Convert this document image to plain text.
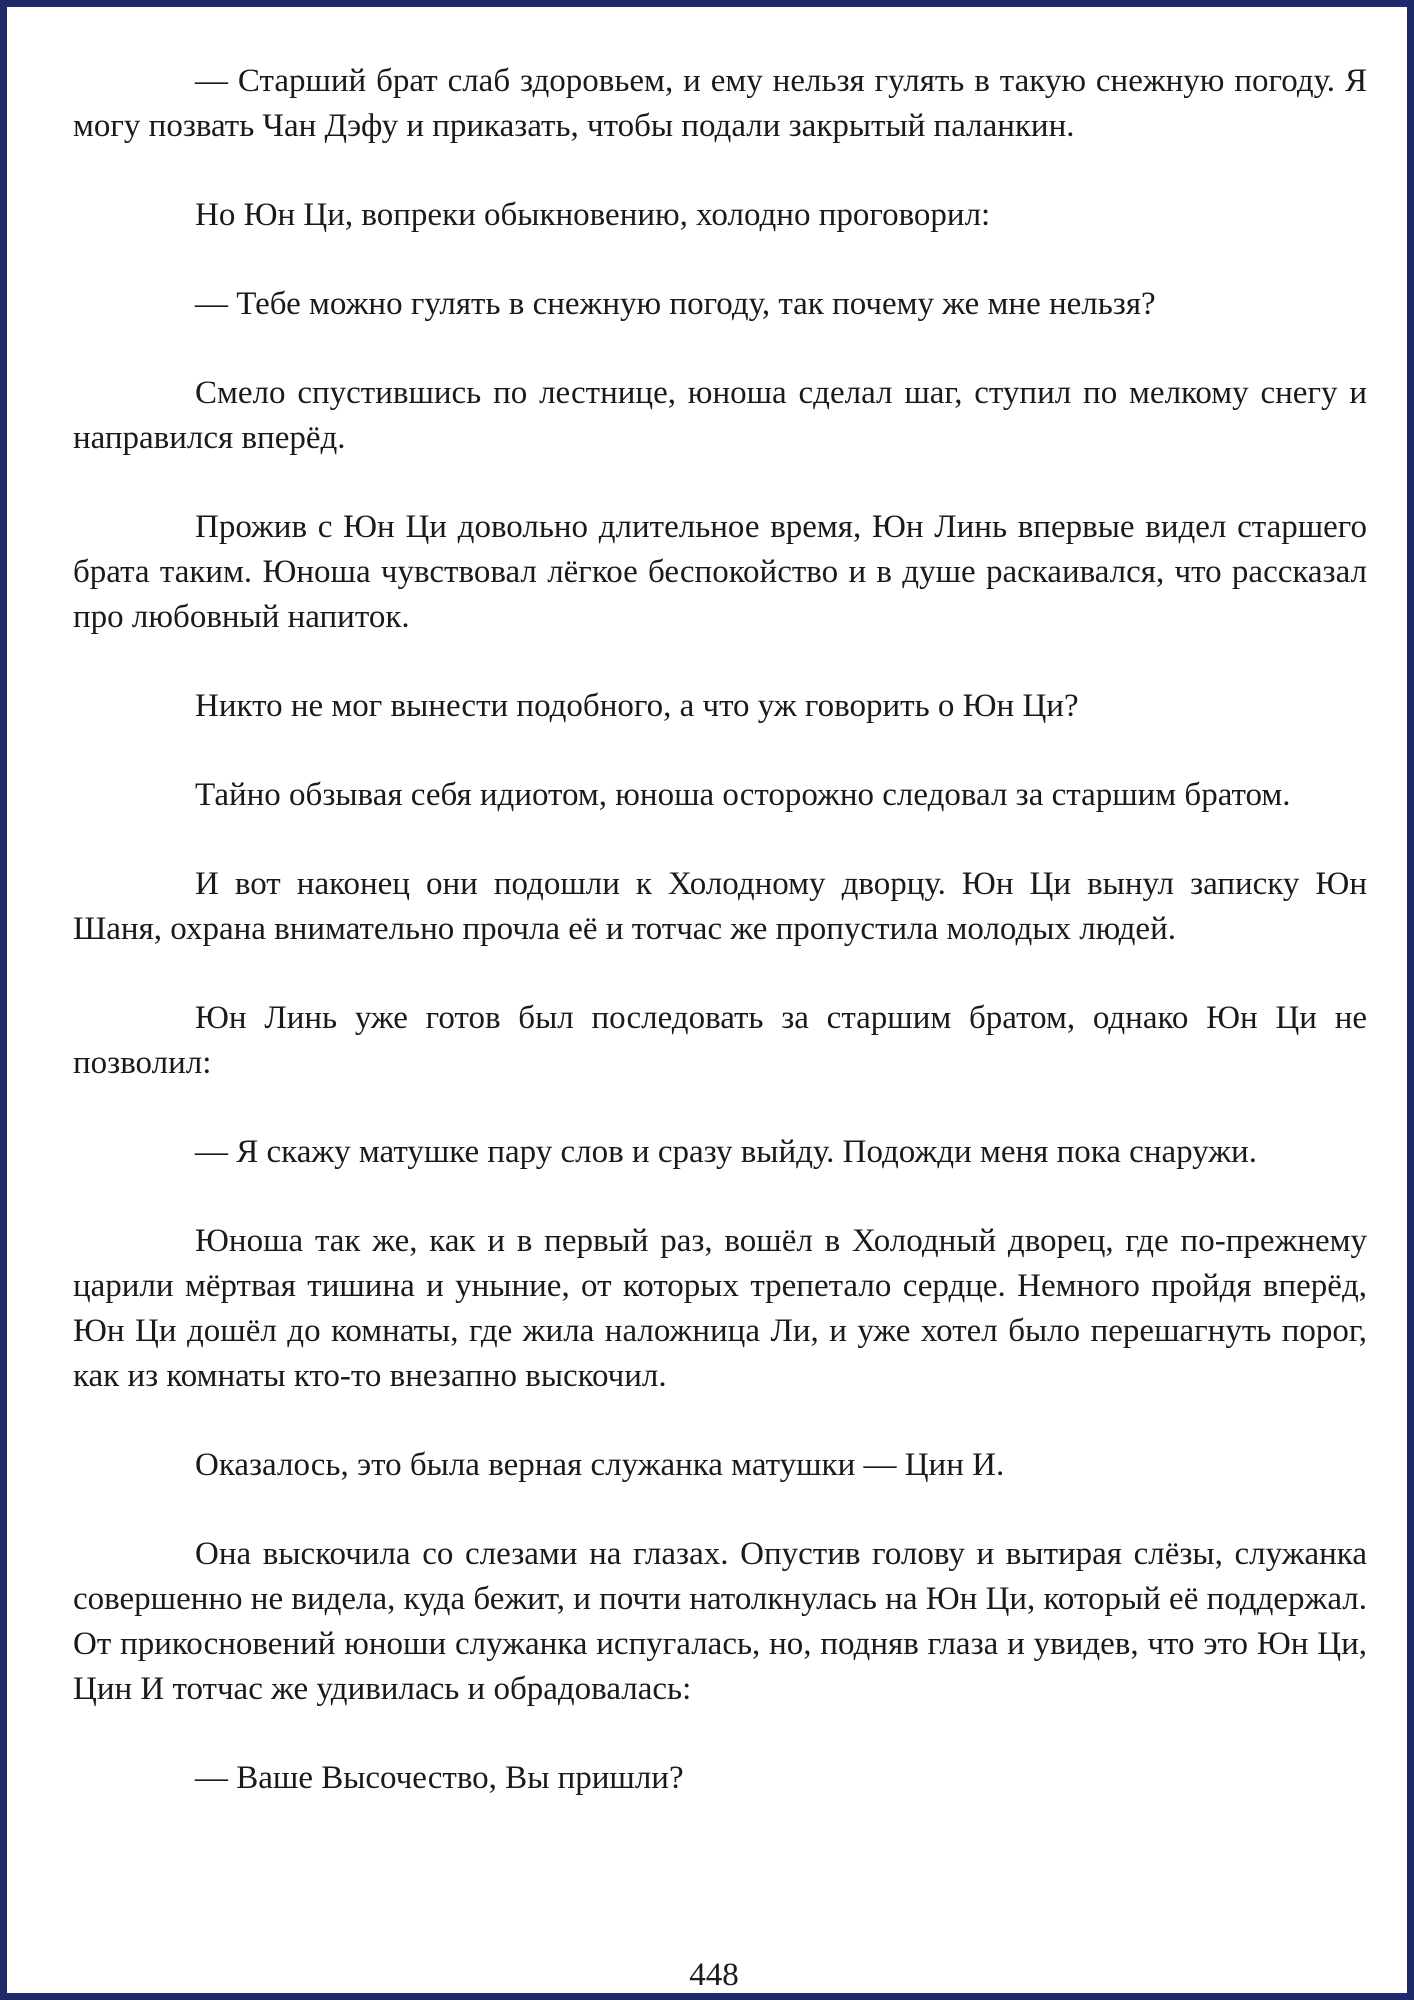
— Старший брат слаб здоровьем, и ему нельзя гулять в такую снежную погоду. Я могу позвать Чан Дэфу и приказать, чтобы подали закрытый паланкин.

Но Юн Ци, вопреки обыкновению, холодно проговорил:

— Тебе можно гулять в снежную погоду, так почему же мне нельзя?

Смело спустившись по лестнице, юноша сделал шаг, ступил по мелкому снегу и направился вперёд.

Прожив с Юн Ци довольно длительное время, Юн Линь впервые видел старшего брата таким. Юноша чувствовал лёгкое беспокойство и в душе раскаивался, что рассказал про любовный напиток.

Никто не мог вынести подобного, а что уж говорить о Юн Ци?

Тайно обзывая себя идиотом, юноша осторожно следовал за старшим братом.

И вот наконец они подошли к Холодному дворцу. Юн Ци вынул записку Юн Шаня, охрана внимательно прочла её и тотчас же пропустила молодых людей.

Юн Линь уже готов был последовать за старшим братом, однако Юн Ци не позволил:

— Я скажу матушке пару слов и сразу выйду. Подожди меня пока снаружи.

Юноша так же, как и в первый раз, вошёл в Холодный дворец, где по-прежнему царили мёртвая тишина и уныние, от которых трепетало сердце. Немного пройдя вперёд, Юн Ци дошёл до комнаты, где жила наложница Ли, и уже хотел было перешагнуть порог, как из комнаты кто-то внезапно выскочил.

Оказалось, это была верная служанка матушки — Цин И.

Она выскочила со слезами на глазах. Опустив голову и вытирая слёзы, служанка совершенно не видела, куда бежит, и почти натолкнулась на Юн Ци, который её поддержал. От прикосновений юноши служанка испугалась, но, подняв глаза и увидев, что это Юн Ци, Цин И тотчас же удивилась и обрадовалась:

— Ваше Высочество, Вы пришли?

448
